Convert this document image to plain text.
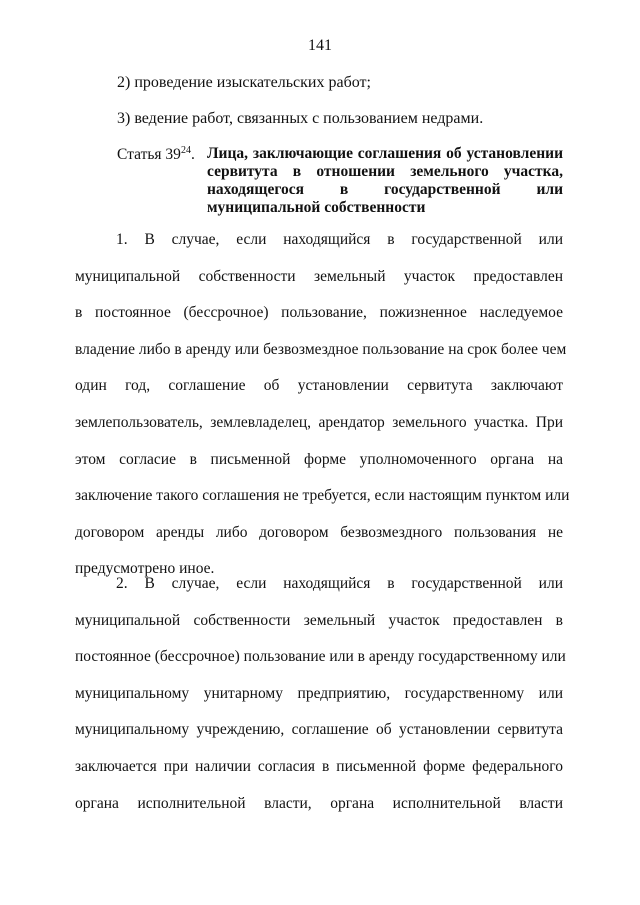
141
2) проведение изыскательских работ;
3) ведение работ, связанных с пользованием недрами.
Статья $39^{24}$. Лица, заключающие соглашения об установлении
сервитута в отношении земельного участка,
находящегося в государственной или
муниципальной собственности
1. В случае, если находящийся в государственной или
муниципальной собственности земельный участок предоставлен
в постоянное (бессрочное) пользование, пожизненное наследуемое
владение либо в аренду или безвозмездное пользование на срок более чем
один год, соглашение об установлении сервитута заключают
землепользователь, землевладелец, арендатор земельного участка. При
этом согласие в письменной форме уполномоченного органа на
заключение такого соглашения не требуется, если настоящим пунктом или
договором аренды либо договором безвозмездного пользования не
предусмотрено иное.
2. В случае, если находящийся в государственной или
муниципальной собственности земельный участок предоставлен в
постоянное (бессрочное) пользование или в аренду государственному или
муниципальному унитарному предприятию, государственному или
муниципальному учреждению, соглашение об установлении сервитута
заключается при наличии согласия в письменной форме федерального
органа исполнительной власти, органа исполнительной власти
